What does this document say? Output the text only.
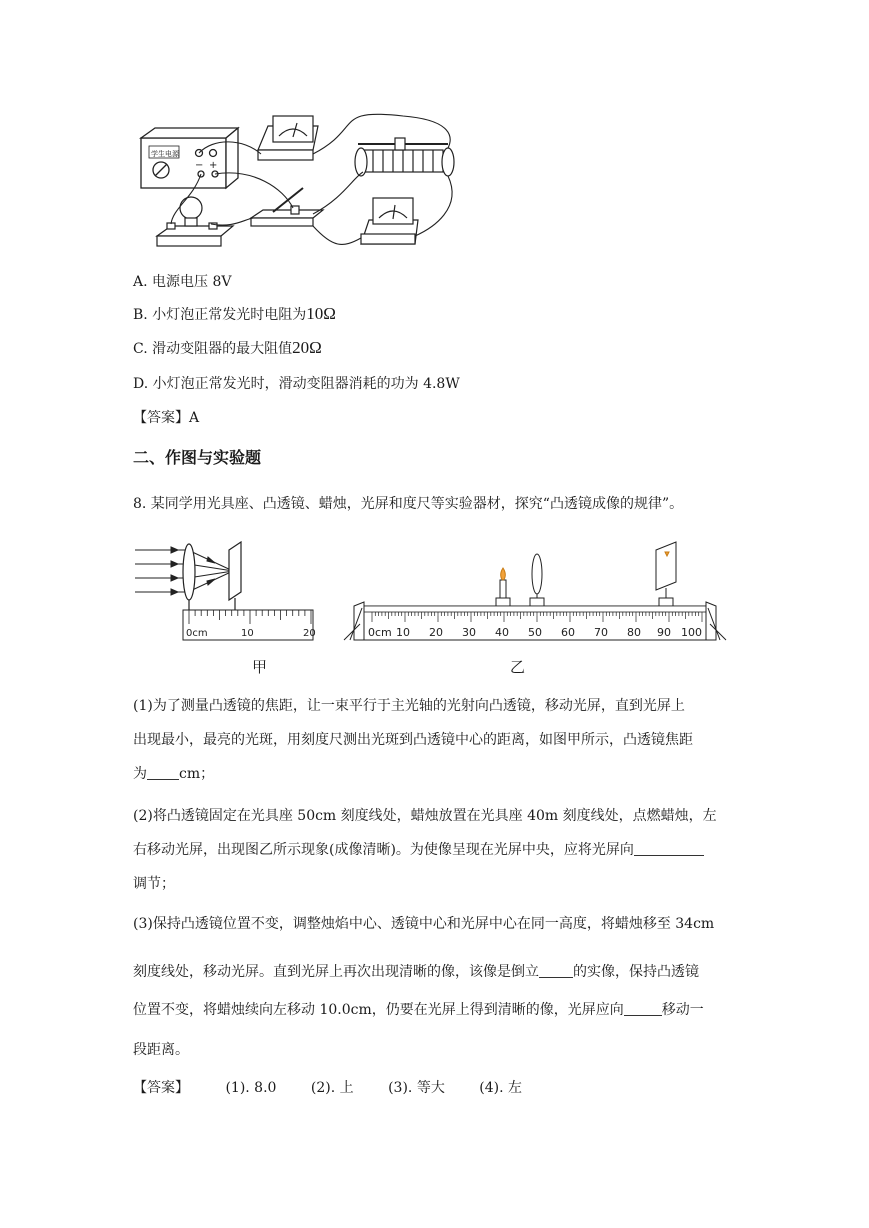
学生电源
− +
A. 电源电压 8V
B. 小灯泡正常发光时电阻为10Ω
C. 滑动变阻器的最大阻值20Ω
D. 小灯泡正常发光时，滑动变阻器消耗的功为 4.8W
【答案】A
二、作图与实验题
8. 某同学用光具座、凸透镜、蜡烛，光屏和度尺等实验器材，探究“凸透镜成像的规律”。
0cm	10	20
甲
0cm 10 20 30 40 50 60 70 80 90 100
乙
(1)为了测量凸透镜的焦距，让一束平行于主光轴的光射向凸透镜，移动光屏，直到光屏上
出现最小，最亮的光斑，用刻度尺测出光斑到凸透镜中心的距离，如图甲所示，凸透镜焦距
为 cm；
(2)将凸透镜固定在光具座 50cm 刻度线处，蜡烛放置在光具座 40m 刻度线处，点燃蜡烛，左
右移动光屏，出现图乙所示现象(成像清晰)。为使像呈现在光屏中央，应将光屏向
调节；
(3)保持凸透镜位置不变，调整烛焰中心、透镜中心和光屏中心在同一高度，将蜡烛移至 34cm
刻度线处，移动光屏。直到光屏上再次出现清晰的像，该像是倒立 的实像，保持凸透镜
位置不变，将蜡烛续向左移动 10.0cm，仍要在光屏上得到清晰的像，光屏应向	移动一
段距离。
【答案】	(1). 8.0 (2). 上 (3). 等大 (4). 左
